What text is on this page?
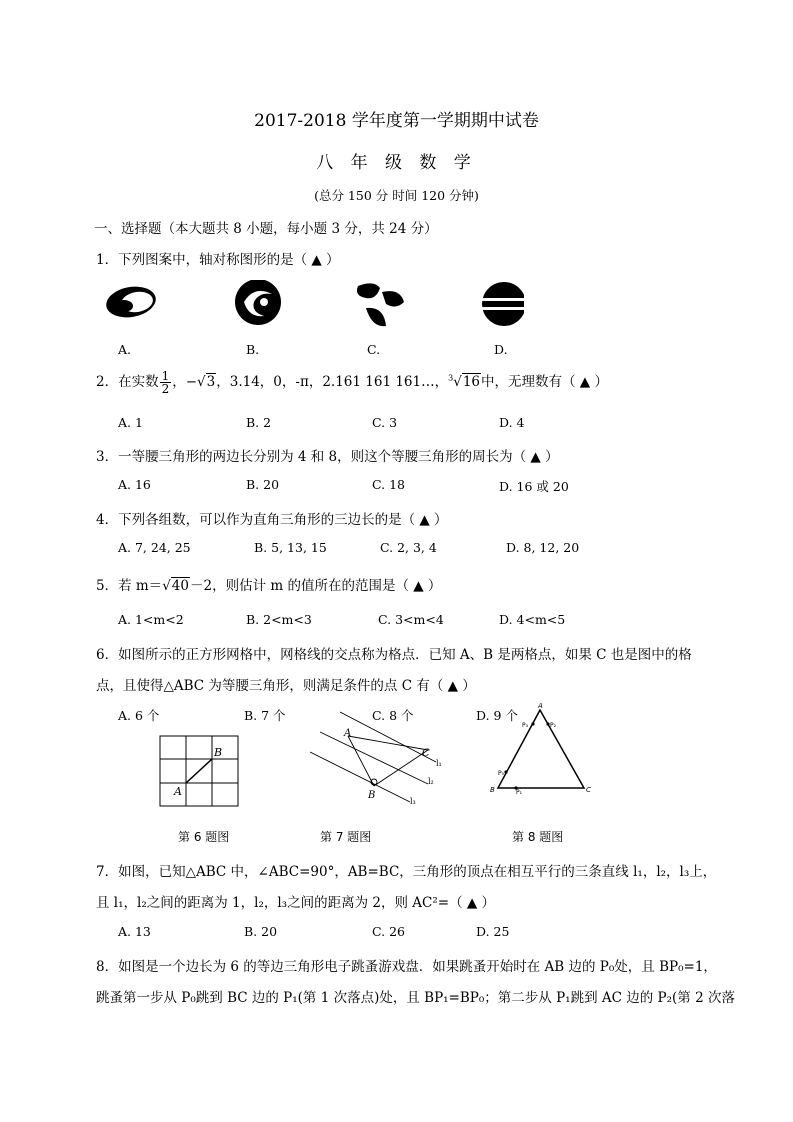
2017-2018 学年度第一学期期中试卷
八 年 级 数 学
(总分 150 分 时间 120 分钟)
一、选择题（本大题共 8 小题，每小题 3 分，共 24 分）
1．下列图案中，轴对称图形的是（ ▲ ）
A.	B.	C.	D.
2．在实数 $\frac{1}{2}$ ，−√3，3.14，0，-π，2.161 161 161…，$^3$√16中，无理数有（ ▲ ）
A. 1	B. 2	C. 3	D. 4
3．一等腰三角形的两边长分别为 4 和 8，则这个等腰三角形的周长为（ ▲ ）
A. 16	B. 20	C. 18	D. 16 或 20
4．下列各组数，可以作为直角三角形的三边长的是（ ▲ ）
A. 7, 24, 25	B. 5, 13, 15	C. 2, 3, 4	D. 8, 12, 20
5．若 m＝√40－2，则估计 m 的值所在的范围是（ ▲ ）
A. 1<m<2	B. 2<m<3	C. 3<m<4	D. 4<m<5
6．如图所示的正方形网格中，网格线的交点称为格点．已知 A、B 是两格点，如果 C 也是图中的格
点，且使得△ABC 为等腰三角形，则满足条件的点 C 有（ ▲ ）
A. 6 个	B. 7 个	C. 8 个	D. 9 个
B
A
第 6 题图
A
B
C
l₁
l₂
l₃
第 7 题图
A
B	C
P₃	P₂
P₀
P₁
第 8 题图
7．如图，已知△ABC 中，∠ABC=90°，AB=BC，三角形的顶点在相互平行的三条直线 l₁，l₂，l₃上，
且 l₁，l₂之间的距离为 1，l₂，l₃之间的距离为 2，则 AC²=（ ▲ ）
A. 13	B. 20	C. 26	D. 25
8．如图是一个边长为 6 的等边三角形电子跳蚤游戏盘．如果跳蚤开始时在 AB 边的 P₀处，且 BP₀=1，
跳蚤第一步从 P₀跳到 BC 边的 P₁(第 1 次落点)处，且 BP₁=BP₀；第二步从 P₁跳到 AC 边的 P₂(第 2 次落
